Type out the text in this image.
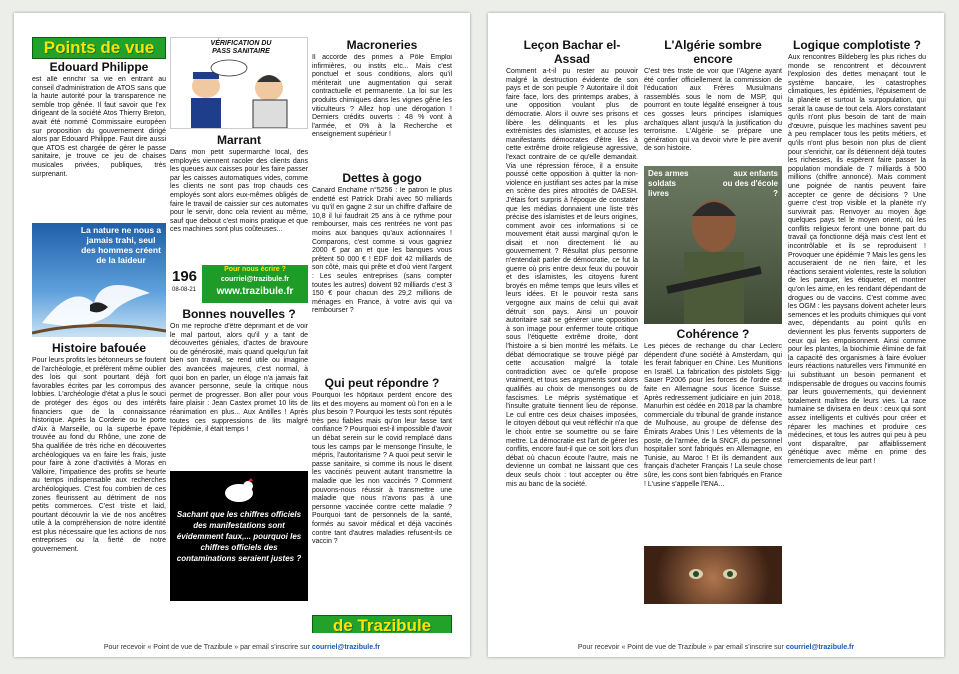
Points de vue
Edouard Philippe
est allé enrichir sa vie en entrant au conseil d'administration de ATOS sans que la haute autorité pour la transparence ne semble trop gênée. Il faut savoir que l'ex dirigeant de la société Atos Thierry Breton, avait été nommé Commissaire européen sur proposition du gouvernement dirigé alors par Edouard Philippe. Faut dire aussi que ATOS est chargée de gérer le passe sanitaire, je trouve ce jeu de chaises musicales privées, publiques, très surprenant.
La nature ne nous a jamais trahi, seul des hommes créent de la laideur
Histoire bafouée
Pour leurs profits les bétonneurs se foutent de l'archéologie, et préfèrent même oublier des lois qui sont pourtant déjà fort favorables écrites par les corrompus des lobbies. L'archéologie d'état a plus le souci de protéger des égos ou des intérêts financiers que de la connaissance historique. Après la Corderie ou le porte d'Aix à Marseille, ou la superbe épave trouvée au fond du Rhône, une zone de 5ha qualifiée de très riche en découvertes archéologiques va en faire les frais, juste pour faire à zone d'activités à Moras en Valloire, l'impatience des profits se heurte au temps indispensable aux recherches archéologiques. C'est fou combien de ces zones fleurissent au détriment de nos petits commerces. C'est triste et laid, pourtant découvrir la vie de nos ancêtres utile à la compréhension de notre identité est plus nécessaire que les actions de nos entreprises ou la fierté de notre gouvernement.
VÉRIFICATION DU PASS SANITAIRE
Marrant
Dans mon petit supermarché local, des employés viennent racoler des clients dans les queues aux caisses pour les faire passer par les caisses automatiques vides, comme les clients ne sont pas trop chauds ces employés sont alors eux-mêmes obligés de faire le travail de caissier sur ces automates pour le servir, donc cela revient au même, sauf que debout c'est moins pratique et que ces machines sont plus coûteuses...
196
08-08-21
Pour nous écrire ?
courriel@trazibule.fr
www.trazibule.fr
Bonnes nouvelles ?
On me reproche d'être déprimant et de voir le mal partout, alors qu'il y a tant de découvertes géniales, d'actes de bravoure ou de générosité, mais quand quelqu'un fait bien son travail, se rend utile ou imagine des avancées majeures, c'est normal, à quoi bon en parler, un éloge n'a jamais fait avancer personne, seule la critique nous permet de progresser. Bon aller pour vous faire plaisir : Jean Castex promet 10 lits de réanimation en plus... Aux Antilles ! Après toutes ces suppressions de lits malgré l'épidémie, il était temps !
Sachant que les chiffres officiels des manifestations sont évidemment faux,... pourquoi les chiffres officiels des contaminations seraient justes ?
Macroneries
Il accorde des primes à Pôle Emploi infirmières, ou instits etc... Mais c'est ponctuel et sous conditions, alors qu'il mériterait une augmentation qui serait contractuelle et permanente. La loi sur les produits chimiques dans les vignes gêne les viticulteurs ? Allez hop une dérogation ! Derniers crédits ouverts : 48 % vont à l'armée, et 0% à la Recherche et enseignement supérieur !
Dettes à gogo
Canard Enchaîné n°5256 : le patron le plus endetté est Patrick Drahi avec 50 milliards vu qu'il en gagne 2 sur un chiffre d'affaire de 10,8 il lui faudrait 25 ans à ce rythme pour rembourser, mais ces rentrées ne vont pas moins aux banques qu'aux actionnaires ! Comparons, c'est comme si vous gagniez 2000 € par an et que les banques vous prêtent 50 000 € ! EDF doit 42 milliards de son côté, mais qui prête et d'où vient l'argent : Les seules entreprises (sans compter toutes les autres) doivent 92 milliards c'est 3 150 € pour chacun des 29,2 millions de ménages en France, à votre avis qui va rembourser ?
Qui peut répondre ?
Pourquoi les hôpitaux perdent encore des lits et des moyens au moment où l'on en a le plus besoin ? Pourquoi les tests sont réputés très peu fiables mais qu'on leur fasse tant confiance ? Pourquoi est-il impossible d'avoir un débat serein sur le covid remplacé dans tous les camps par le mensonge l'insulte, le mépris, l'autoritarisme ? A quoi peut servir le passe sanitaire, si comme ils nous le disent les vaccinés peuvent autant transmettre la maladie que les non vaccinés ? Comment pouvons-nous réussir à transmettre une maladie que nous n'avons pas à une personne vaccinée contre cette maladie ? Pourquoi tant de personnels de la santé, formés au savoir médical et déjà vaccinés contre tant d'autres maladies refusent-ils ce vaccin ?
de Trazibule
Pour recevoir « Point de vue de Trazibule » par email s'inscrire sur courriel@trazibule.fr
Leçon Bachar el-Assad
Comment a-t-il pu rester au pouvoir malgré la destruction évidente de son pays et de son peuple ? Autoritaire il doit faire face, lors des printemps arabes, à une opposition voulant plus de démocratie. Alors il ouvre ses prisons et libère les délinquants et les plus extrémistes des islamistes, et accuse les manifestants démocrates d'être liés à cette extrême droite religieuse agressive, l'exact contraire de ce qu'elle demandait. Via une répression féroce, il a ensuite poussé cette opposition à quitter la non-violence en justifiant ses actes par la mise en scène des pires atrocités de DAESH. J'étais fort surpris à l'époque de constater que les médias donnaient une liste très précise des islamistes et de leurs origines, comment avoir ces informations si ce mouvement était aussi marginal qu'on le disait et non directement lié au gouvernement ? Résultat plus personne n'entendait parler de démocratie, ce fut la guerre où pris entre deux feux du pouvoir et des islamistes, les citoyens furent broyés en même temps que leurs villes et leurs idées. Et le pouvoir resta sans vergogne aux mains de celui qui avait détruit son pays. Ainsi un pouvoir autoritaire sait se générer une opposition à son image pour enfermer toute critique sous l'étiquette extrême droite, dont l'histoire a si bien montré les méfaits. Le débat démocratique se trouve piégé par cette accusation malgré la totale contradiction avec ce qu'elle propose vraiment, et tous ses arguments sont alors qualifiés au choix de mensonges ou de fascismes. Le mépris systématique et l'insulte gratuite tiennent lieu de réponse. Le cul entre ces deux chaises imposées, le citoyen débout qui veut réfléchir n'a que le choix entre se soumettre ou se faire mettre. La démocratie est l'art de gérer les conflits, encore faut-il que ce soit lors d'un débat où chacun écoute l'autre, mais ne devienne un combat ne laissant que ces deux seuls choix : tout accepter ou être mis au banc de la société.
L'Algérie sombre encore
C'est très triste de voir que l'Algérie ayant été confier officiellement la commission de l'éducation aux Frères Musulmans rassemblés sous le nom de MSP, qui pourront en toute légalité enseigner à tous ces gosses leurs principes islamiques archaïques allant jusqu'à la justification du terrorisme. L'Algérie se prépare une génération qui va devoir vivre le pire avenir de son histoire.
Des armes soldats livres
aux enfants ou des d'école ?
Cohérence ?
Les pièces de rechange du char Leclerc dépendent d'une société à Amsterdam, qui les ferait fabriquer en Chine. Les Munitions en Israël. La fabrication des pistolets Sigg-Sauer P2006 pour les forces de l'ordre est faite en Allemagne sous licence Suisse. Après redressement judiciaire en juin 2018, Manurhin est cédée en 2018 par la chambre commerciale du tribunal de grande instance de Mulhouse, au groupe de défense des Émirats Arabes Unis ! Les vêtements de la poste, de l'armée, de la SNCF, du personnel hospitalier sont fabriqués en Allemagne, en Tunisie, au Maroc ! Et ils demandent aux français d'acheter Français ! La seule chose sûre, les cons sont bien fabriqués en France ! L'usine s'appelle l'ENA...
Logique complotiste ?
Aux rencontres Bildeberg les plus riches du monde se rencontrent et découvrent l'explosion des dettes menaçant tout le système bancaire, les catastrophes climatiques, les épidémies, l'épuisement de la planète et surtout la surpopulation, qui serait la cause de tout cela. Alors constatant qu'ils n'ont plus besoin de tant de main d'œuvre, puisque les machines savent peu à peu remplacer tous les petits métiers, et qu'ils n'ont plus besoin non plus de client pour s'enrichir, car ils détiennent déjà toutes les richesses, ils espèrent faire passer la population mondiale de 7 milliards à 500 millions (chiffre annoncé). Mais comment une poignée de nantis peuvent faire accepter ce genre de décisions ? Une guerre c'est trop visible et la planète n'y survivrait pas. Renvoyer au moyen âge quelques pays tel le moyen orient, où les conflits religieux feront une bonne part du travail ça fonctionne déjà mais c'est lent et incontrôlable et ils se reproduisent ! Provoquer une épidémie ? Mais les gens les accuseraient de ne rien faire, et les réactions seraient violentes, reste la solution de les parquer, les étiqueter, et montrer qu'on les aime, en les rendant dépendant de drogues ou de vaccins. C'est comme avec les OGM : les paysans doivent acheter leurs semences et les produits chimiques qui vont avec, dépendants au point qu'ils en deviennent les plus fervents supporters de ceux qui les empoisonnent. Ainsi comme pour les plantes, la biochimie élimine de fait la capacité des organismes à faire évoluer leurs réactions naturelles vers l'immunité en lui substituant un besoin permanent et indispensable de drogues ou vaccins fournis par leurs gouvernements, qui deviennent totalement maîtres de leurs vies. La race humaine se divisera en deux : ceux qui sont assez intelligents et cultivés pour créer et réparer les machines et produire ces médecines, et tous les autres qui peu à peu vont disparaître, par affaiblissement génétique avec même en prime des remerciements de leur part !
Pour recevoir « Point de vue de Trazibule » par email s'inscrire sur courriel@trazibule.fr
